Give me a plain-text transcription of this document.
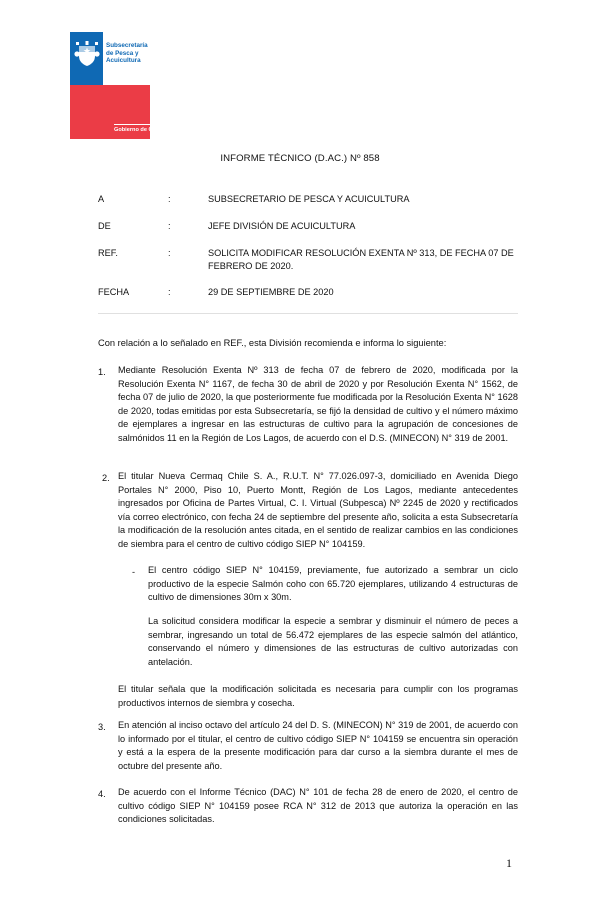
Subsecretaría
de Pesca y
Acuicultura
Gobierno de Chile
INFORME TÉCNICO (D.AC.) Nº 858
A	:	SUBSECRETARIO DE PESCA Y ACUICULTURA
DE	:	JEFE DIVISIÓN DE ACUICULTURA
REF.	:	SOLICITA MODIFICAR RESOLUCIÓN EXENTA Nº 313, DE FECHA 07 DE FEBRERO DE 2020.
FECHA	:	29 DE SEPTIEMBRE DE 2020
Con relación a lo señalado en REF., esta División recomienda e informa lo siguiente:
1. Mediante Resolución Exenta Nº 313 de fecha 07 de febrero de 2020, modificada por la Resolución Exenta N° 1167, de fecha 30 de abril de 2020 y por Resolución Exenta N° 1562, de fecha 07 de julio de 2020, la que posteriormente fue modificada por la Resolución Exenta N° 1628 de 2020, todas emitidas por esta Subsecretaría, se fijó la densidad de cultivo y el número máximo de ejemplares a ingresar en las estructuras de cultivo para la agrupación de concesiones de salmónidos 11 en la Región de Los Lagos, de acuerdo con el D.S. (MINECON) N° 319 de 2001.
2. El titular Nueva Cermaq Chile S. A., R.U.T. N° 77.026.097-3, domiciliado en Avenida Diego Portales N° 2000, Piso 10, Puerto Montt, Región de Los Lagos, mediante antecedentes ingresados por Oficina de Partes Virtual, C. I. Virtual (Subpesca) Nº 2245 de 2020 y rectificados vía correo electrónico, con fecha 24 de septiembre del presente año, solicita a esta Subsecretaría la modificación de la resolución antes citada, en el sentido de realizar cambios en las condiciones de siembra para el centro de cultivo código SIEP N° 104159.
- El centro código SIEP N° 104159, previamente, fue autorizado a sembrar un ciclo productivo de la especie Salmón coho con 65.720 ejemplares, utilizando 4 estructuras de cultivo de dimensiones 30m x 30m.
La solicitud considera modificar la especie a sembrar y disminuir el número de peces a sembrar, ingresando un total de 56.472 ejemplares de las especie salmón del atlántico, conservando el número y dimensiones de las estructuras de cultivo autorizadas con antelación.
El titular señala que la modificación solicitada es necesaria para cumplir con los programas productivos internos de siembra y cosecha.
3. En atención al inciso octavo del artículo 24 del D. S. (MINECON) N° 319 de 2001, de acuerdo con lo informado por el titular, el centro de cultivo código SIEP N° 104159 se encuentra sin operación y está a la espera de la presente modificación para dar curso a la siembra durante el mes de octubre del presente año.
4. De acuerdo con el Informe Técnico (DAC) N° 101 de fecha 28 de enero de 2020, el centro de cultivo código SIEP N° 104159 posee RCA N° 312 de 2013 que autoriza la operación en las condiciones solicitadas.
1
